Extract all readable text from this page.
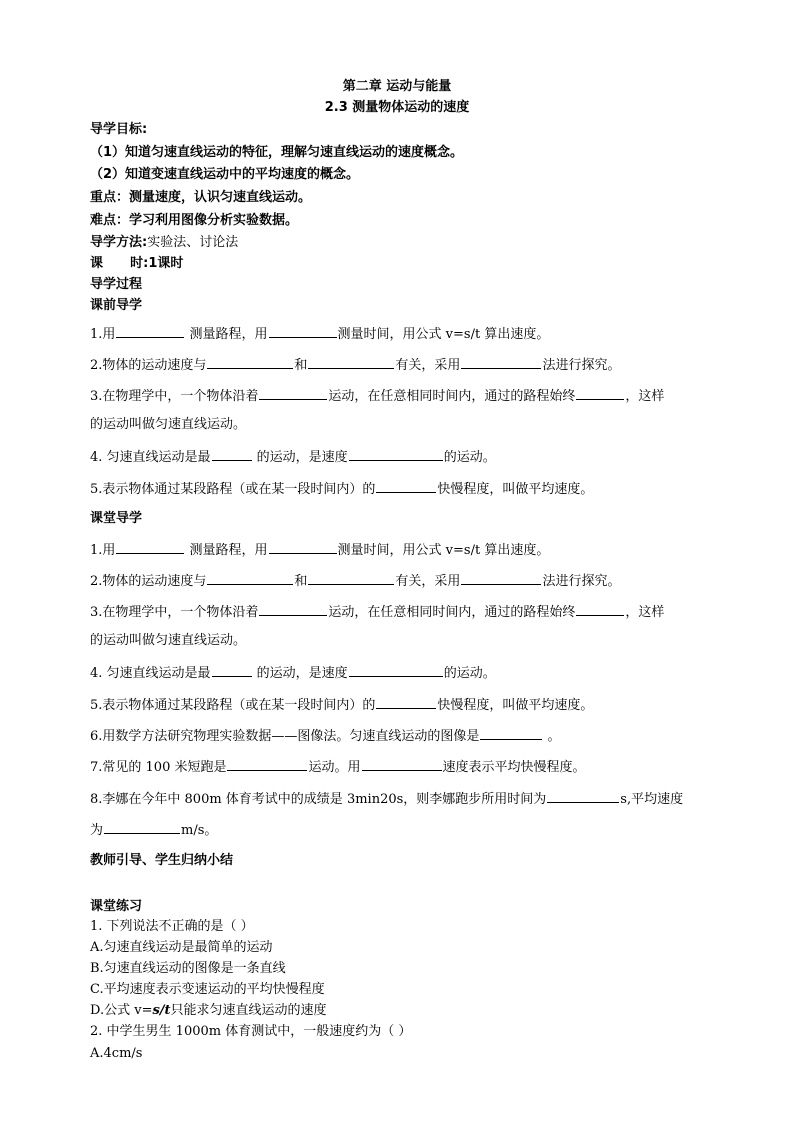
第二章 运动与能量
2.3 测量物体运动的速度
导学目标:
（1）知道匀速直线运动的特征，理解匀速直线运动的速度概念。
（2）知道变速直线运动中的平均速度的概念。
重点：测量速度，认识匀速直线运动。
难点：学习利用图像分析实验数据。
导学方法:实验法、讨论法
课      时:1课时
导学过程
课前导学
1.用	测量路程，用	测量时间，用公式 v=s/t 算出速度。
2.物体的运动速度与	和	有关，采用	法进行探究。
3.在物理学中，一个物体沿着	运动，在任意相同时间内，通过的路程始终	，这样
的运动叫做匀速直线运动。
4. 匀速直线运动是最	的运动，是速度	的运动。
5.表示物体通过某段路程（或在某一段时间内）的	快慢程度，叫做平均速度。
课堂导学
1.用	测量路程，用	测量时间，用公式 v=s/t 算出速度。
2.物体的运动速度与	和	有关，采用	法进行探究。
3.在物理学中，一个物体沿着	运动，在任意相同时间内，通过的路程始终	，这样
的运动叫做匀速直线运动。
4. 匀速直线运动是最	的运动，是速度	的运动。
5.表示物体通过某段路程（或在某一段时间内）的	快慢程度，叫做平均速度。
6.用数学方法研究物理实验数据——图像法。匀速直线运动的图像是	。
7.常见的 100 米短跑是	运动。用	速度表示平均快慢程度。
8.李娜在今年中 800m 体育考试中的成绩是 3min20s，则李娜跑步所用时间为	s,平均速度
为	m/s。
教师引导、学生归纳小结
课堂练习
1. 下列说法不正确的是（ ）
A.匀速直线运动是最简单的运动
B.匀速直线运动的图像是一条直线
C.平均速度表示变速运动的平均快慢程度
D.公式 v=s/t只能求匀速直线运动的速度
2. 中学生男生 1000m 体育测试中，一般速度约为（ ）
A.4cm/s
